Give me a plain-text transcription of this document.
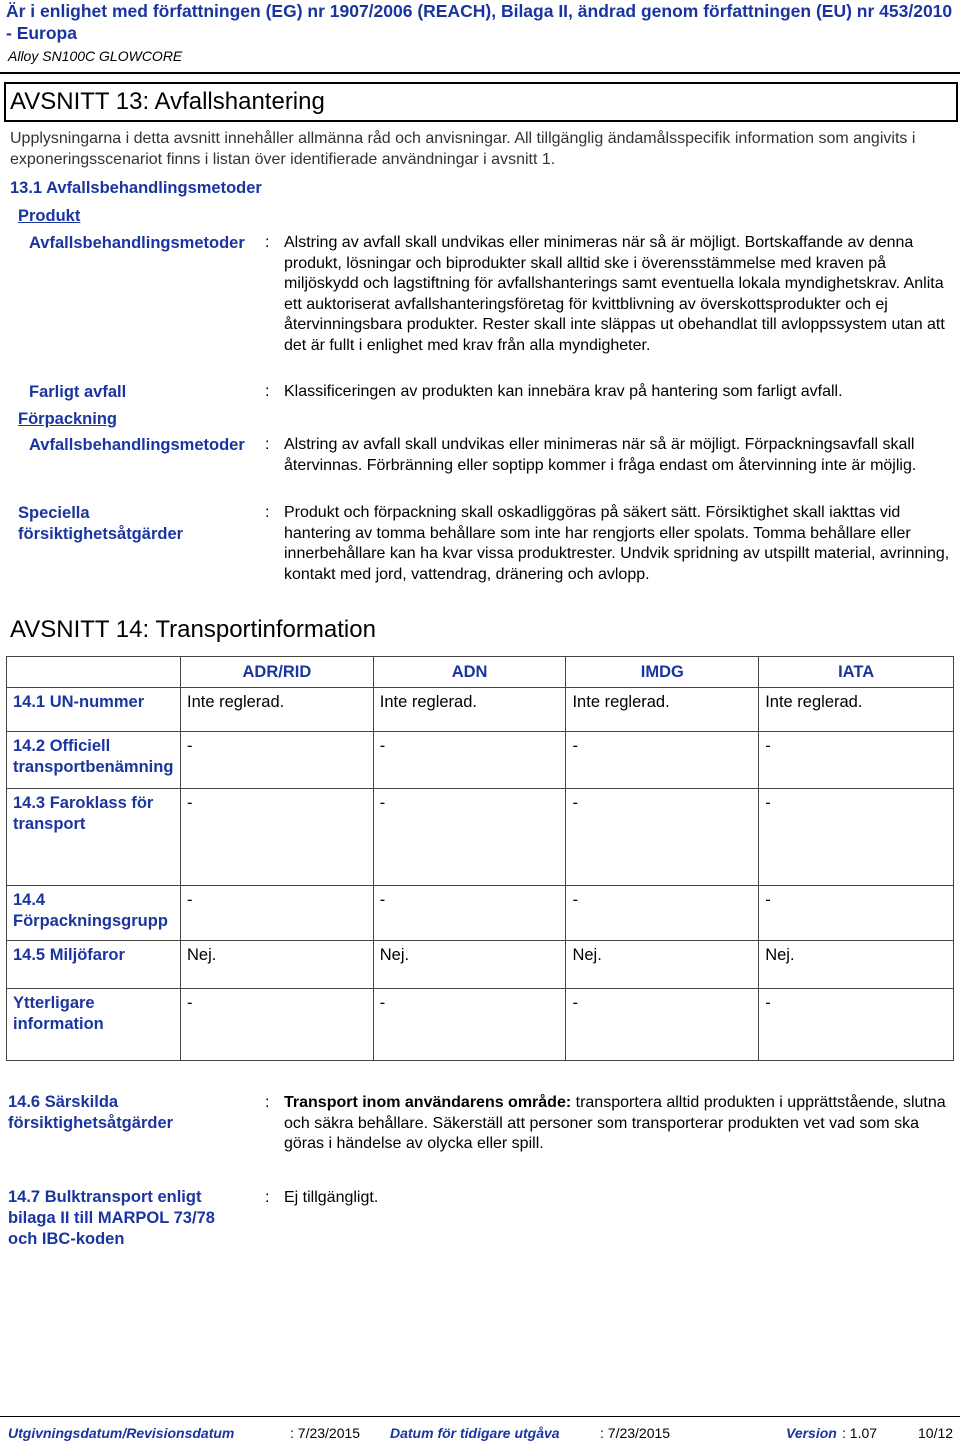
Är i enlighet med författningen (EG) nr 1907/2006 (REACH), Bilaga II, ändrad genom författningen (EU) nr 453/2010 - Europa
Alloy SN100C GLOWCORE
AVSNITT 13: Avfallshantering
Upplysningarna i detta avsnitt innehåller allmänna råd och anvisningar. All tillgänglig ändamålsspecifik information som angivits i exponeringsscenariot finns i listan över identifierade användningar i avsnitt 1.
13.1 Avfallsbehandlingsmetoder
Produkt
Avfallsbehandlingsmetoder : Alstring av avfall skall undvikas eller minimeras när så är möjligt. Bortskaffande av denna produkt, lösningar och biprodukter skall alltid ske i överensstämmelse med kraven på miljöskydd och lagstiftning för avfallshanterings samt eventuella lokala myndighetskrav. Anlita ett auktoriserat avfallshanteringsföretag för kvittblivning av överskottsprodukter och ej återvinningsbara produkter. Rester skall inte släppas ut obehandlat till avloppssystem utan att det är fullt i enlighet med krav från alla myndigheter.
Farligt avfall	: Klassificeringen av produkten kan innebära krav på hantering som farligt avfall.
Förpackning
Avfallsbehandlingsmetoder : Alstring av avfall skall undvikas eller minimeras när så är möjligt. Förpackningsavfall skall återvinnas. Förbränning eller soptipp kommer i fråga endast om återvinning inte är möjlig.
Speciella
försiktighetsåtgärder
: Produkt och förpackning skall oskadliggöras på säkert sätt. Försiktighet skall iakttas vid hantering av tomma behållare som inte har rengjorts eller spolats. Tomma behållare eller innerbehållare kan ha kvar vissa produktrester. Undvik spridning av utspillt material, avrinning, kontakt med jord, vattendrag, dränering och avlopp.
AVSNITT 14: Transportinformation
	ADR/RID	ADN	IMDG	IATA
14.1 UN-nummer	Inte reglerad.	Inte reglerad.	Inte reglerad.	Inte reglerad.
14.2 Officiell transportbenämning	-	-	-	-
14.3 Faroklass för transport	-	-	-	-
14.4 Förpackningsgrupp	-	-	-	-
14.5 Miljöfaror	Nej.	Nej.	Nej.	Nej.
Ytterligare information	-	-	-	-
14.6 Särskilda försiktighetsåtgärder
: Transport inom användarens område: transportera alltid produkten i upprättstående, slutna och säkra behållare. Säkerställ att personer som transporterar produkten vet vad som ska göras i händelse av olycka eller spill.
14.7 Bulktransport enligt bilaga II till MARPOL 73/78 och IBC-koden
: Ej tillgängligt.
Utgivningsdatum/Revisionsdatum	: 7/23/2015 Datum för tidigare utgåva	: 7/23/2015	Version : 1.07	10/12
